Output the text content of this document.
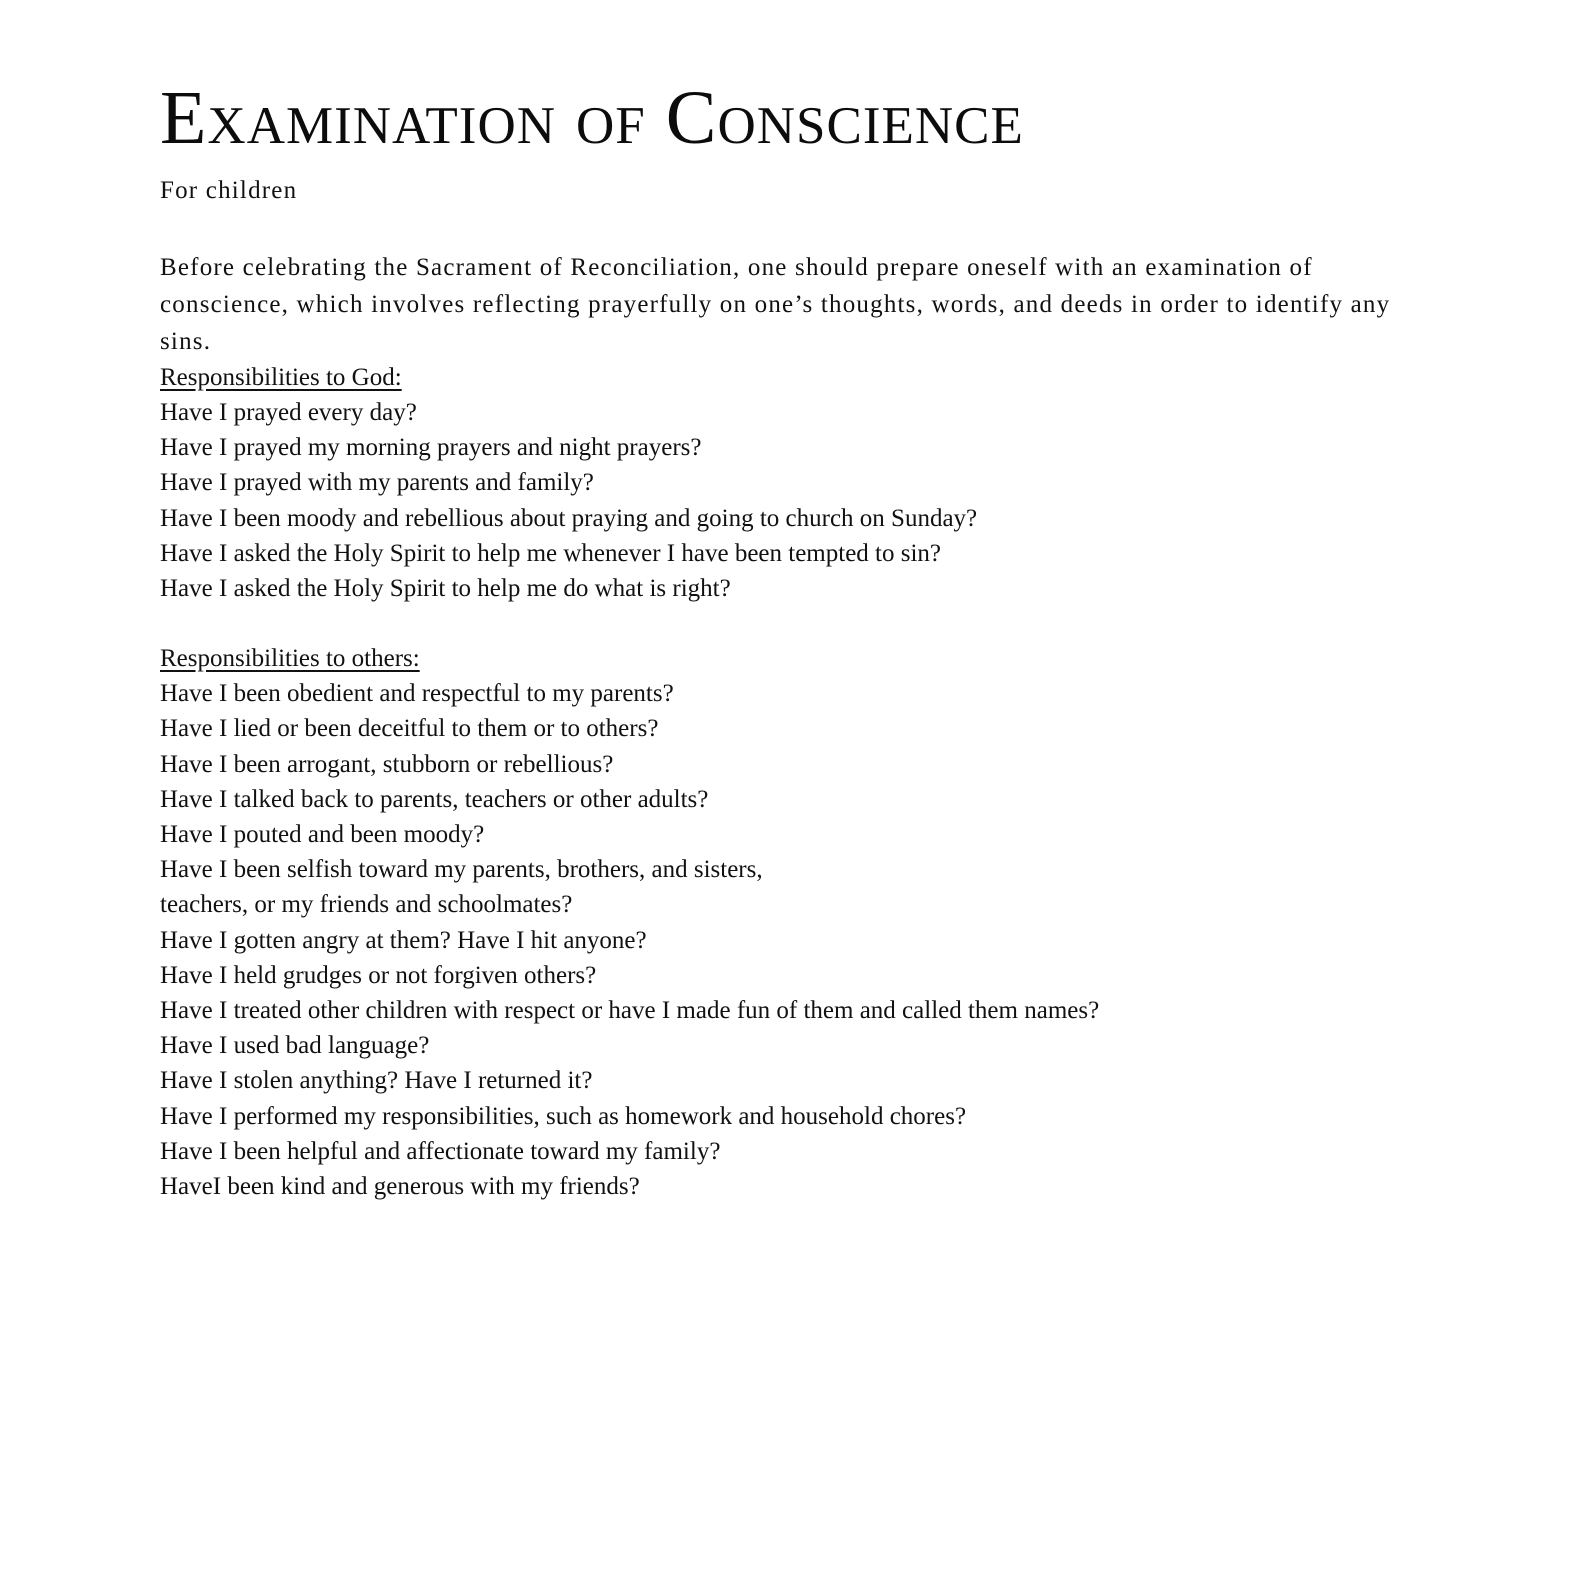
Examination of Conscience
For children
Before celebrating the Sacrament of Reconciliation, one should prepare oneself with an examination of conscience, which involves reflecting prayerfully on one’s thoughts, words, and deeds in order to identify any sins.
Responsibilities to God:
Have I prayed every day?
Have I prayed my morning prayers and night prayers?
Have I prayed with my parents and family?
Have I been moody and rebellious about praying and going to church on Sunday?
Have I asked the Holy Spirit to help me whenever I have been tempted to sin?
Have I asked the Holy Spirit to help me do what is right?
Responsibilities to others:
Have I been obedient and respectful to my parents?
Have I lied or been deceitful to them or to others?
Have I been arrogant, stubborn or rebellious?
Have I talked back to parents, teachers or other adults?
Have I pouted and been moody?
Have I been selfish toward my parents, brothers, and sisters,
teachers, or my friends and schoolmates?
Have I gotten angry at them? Have I hit anyone?
Have I held grudges or not forgiven others?
Have I treated other children with respect or have I made fun of them and called them names?
Have I used bad language?
Have I stolen anything? Have I returned it?
Have I performed my responsibilities, such as homework and household chores?
Have I been helpful and affectionate toward my family?
HaveI been kind and generous with my friends?
